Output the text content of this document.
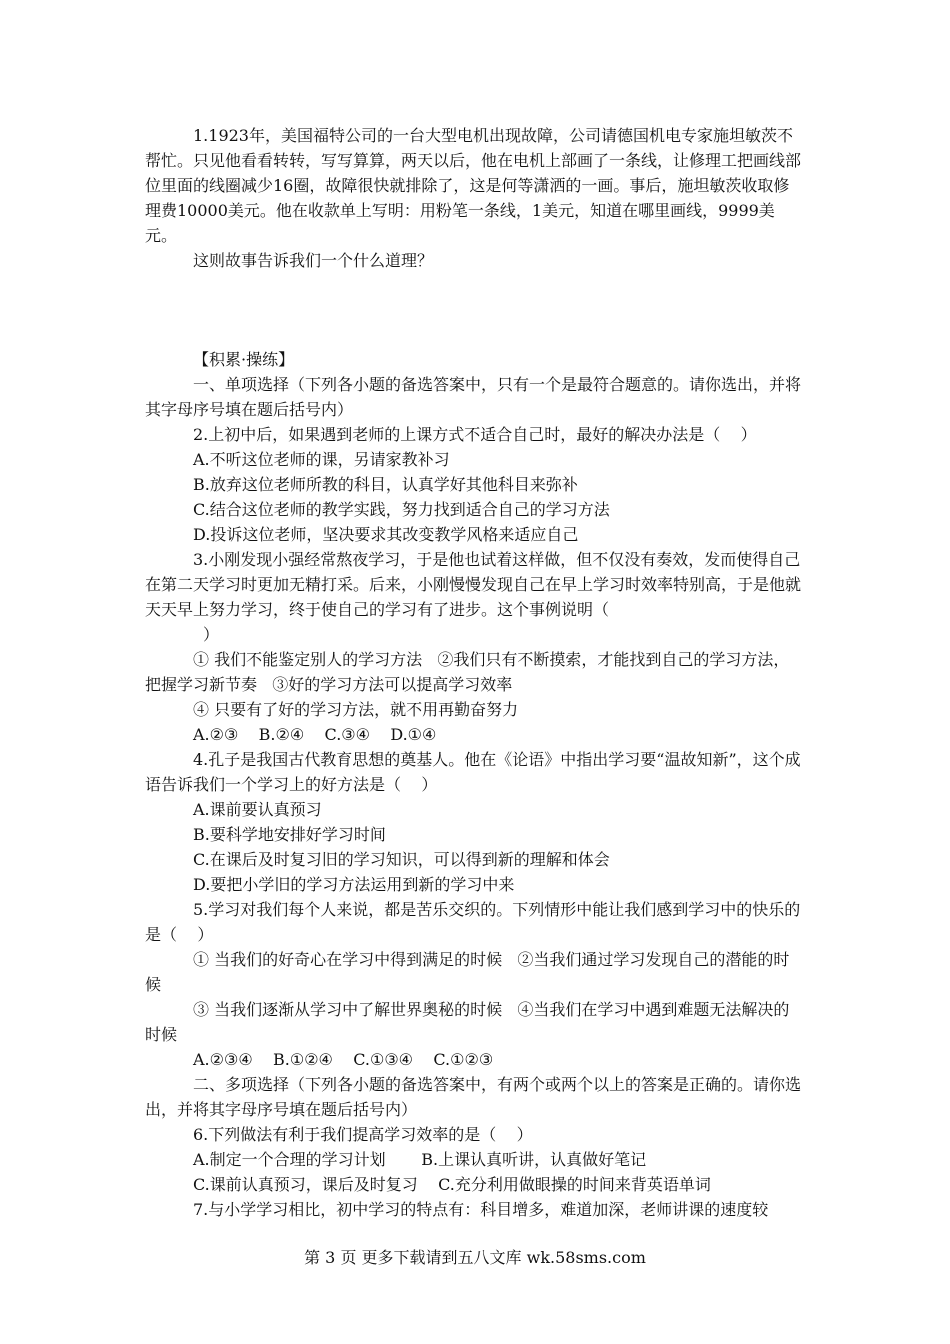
1.1923年，美国福特公司的一台大型电机出现故障，公司请德国机电专家施坦敏茨不帮忙。只见他看看转转，写写算算，两天以后，他在电机上部画了一条线，让修理工把画线部位里面的线圈减少16圈，故障很快就排除了，这是何等潇洒的一画。事后，施坦敏茨收取修理费10000美元。他在收款单上写明：用粉笔一条线，1美元，知道在哪里画线，9999美元。

这则故事告诉我们一个什么道理？

【积累·操练】

一、单项选择（下列各小题的备选答案中，只有一个是最符合题意的。请你选出，并将其字母序号填在题后括号内）

2.上初中后，如果遇到老师的上课方式不适合自己时，最好的解决办法是（    ）

A.不听这位老师的课，另请家教补习

B.放弃这位老师所教的科目，认真学好其他科目来弥补

C.结合这位老师的教学实践，努力找到适合自己的学习方法

D.投诉这位老师，坚决要求其改变教学风格来适应自己

3.小刚发现小强经常熬夜学习，于是他也试着这样做，但不仅没有奏效，发而使得自己在第二天学习时更加无精打采。后来，小刚慢慢发现自己在早上学习时效率特别高，于是他就天天早上努力学习，终于使自己的学习有了进步。这个事例说明（

）

① 我们不能鉴定别人的学习方法   ②我们只有不断摸索，才能找到自己的学习方法，把握学习新节奏   ③好的学习方法可以提高学习效率

④ 只要有了好的学习方法，就不用再勤奋努力

A.②③    B.②④    C.③④    D.①④

4.孔子是我国古代教育思想的奠基人。他在《论语》中指出学习要“温故知新”，这个成语告诉我们一个学习上的好方法是（    ）

A.课前要认真预习

B.要科学地安排好学习时间

C.在课后及时复习旧的学习知识，可以得到新的理解和体会

D.要把小学旧的学习方法运用到新的学习中来

5.学习对我们每个人来说，都是苦乐交织的。下列情形中能让我们感到学习中的快乐的是（    ）

① 当我们的好奇心在学习中得到满足的时候   ②当我们通过学习发现自己的潜能的时候

③ 当我们逐渐从学习中了解世界奥秘的时候   ④当我们在学习中遇到难题无法解决的时候

A.②③④    B.①②④    C.①③④    C.①②③

二、多项选择（下列各小题的备选答案中，有两个或两个以上的答案是正确的。请你选出，并将其字母序号填在题后括号内）

6.下列做法有利于我们提高学习效率的是（    ）

A.制定一个合理的学习计划       B.上课认真听讲，认真做好笔记

C.课前认真预习，课后及时复习    C.充分利用做眼操的时间来背英语单词

7.与小学学习相比，初中学习的特点有：科目增多，难道加深，老师讲课的速度较

第 3 页 更多下载请到五八文库 wk.58sms.com
